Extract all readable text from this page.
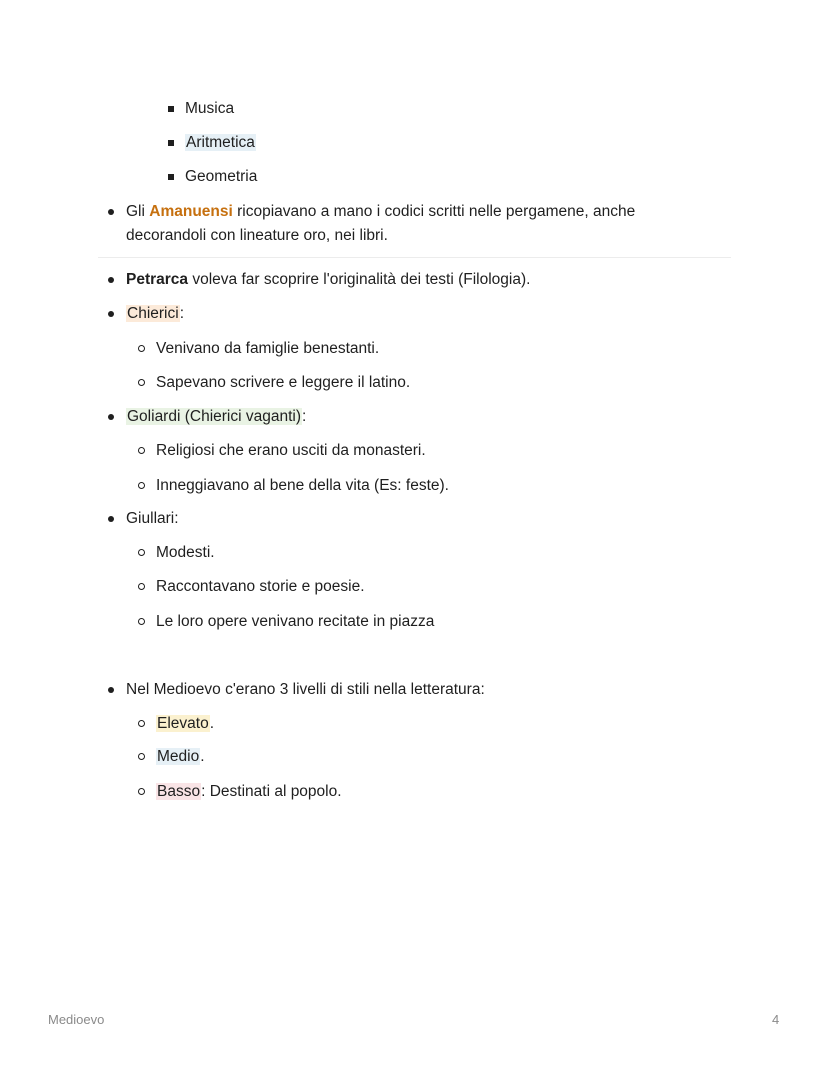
Musica
Aritmetica
Geometria
Gli Amanuensi ricopiavano a mano i codici scritti nelle pergamene, anche
decorandoli con lineature oro, nei libri.
Petrarca voleva far scoprire l'originalità dei testi (Filologia).
Chierici:
Venivano da famiglie benestanti.
Sapevano scrivere e leggere il latino.
Goliardi (Chierici vaganti):
Religiosi che erano usciti da monasteri.
Inneggiavano al bene della vita (Es: feste).
Giullari:
Modesti.
Raccontavano storie e poesie.
Le loro opere venivano recitate in piazza
Nel Medioevo c'erano 3 livelli di stili nella letteratura:
Elevato.
Medio.
Basso: Destinati al popolo.
Medioevo	4
